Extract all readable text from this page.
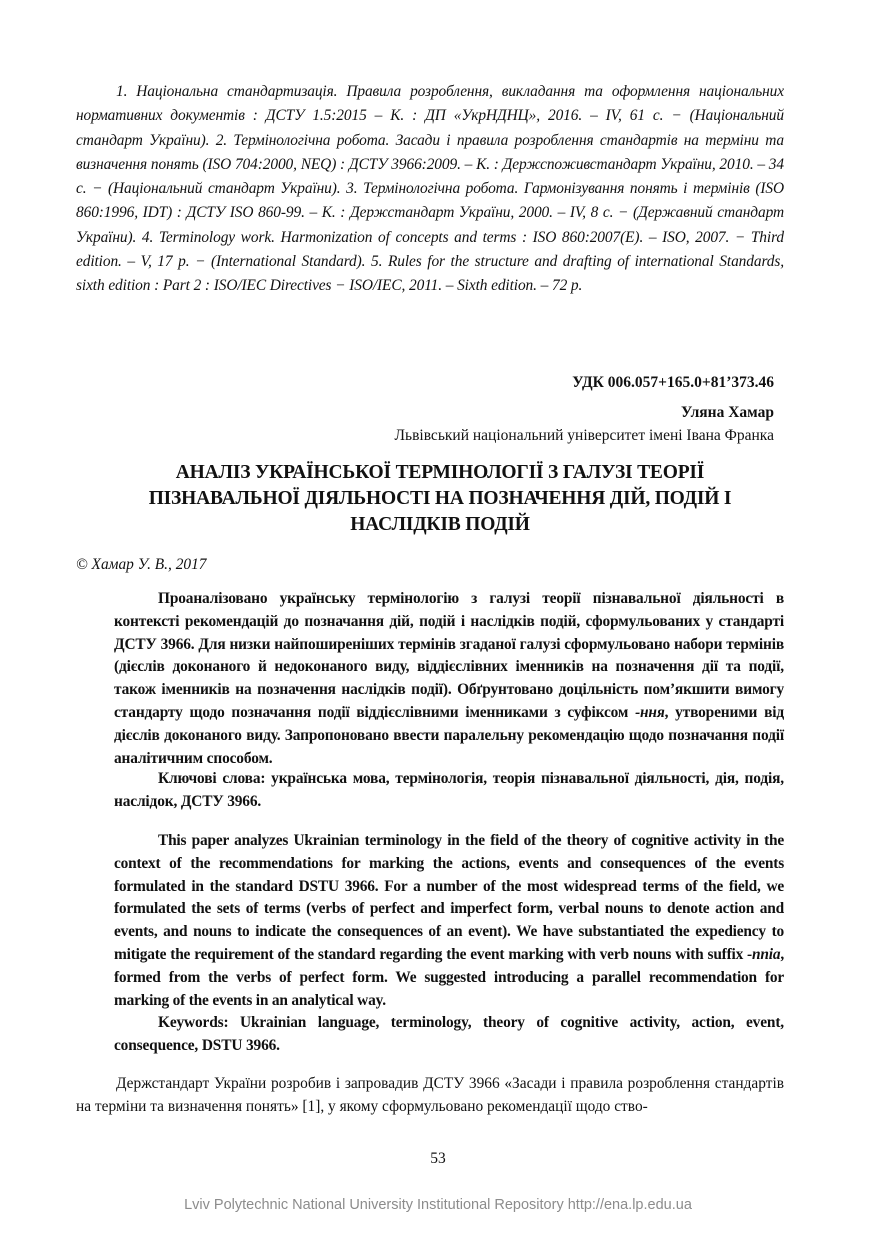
1. Національна стандартизація. Правила розроблення, викладання та оформлення національних нормативних документів : ДСТУ 1.5:2015 – К. : ДП «УкрНДНЦ», 2016. – IV, 61 с. − (Національний стандарт України). 2. Термінологічна робота. Засади і правила розроблення стандартів на терміни та визначення понять (ISO 704:2000, NEQ) : ДСТУ 3966:2009. – К. : Держспоживстандарт України, 2010. – 34 с. − (Національний стандарт України). 3. Термінологічна робота. Гармонізування понять і термінів (ISO 860:1996, IDT) : ДСТУ ISO 860-99. – К. : Держстандарт України, 2000. – IV, 8 с. − (Державний стандарт України). 4. Terminology work. Harmonization of concepts and terms : ISO 860:2007(E). – ISO, 2007. − Third edition. – V, 17 p. − (International Standard). 5. Rules for the structure and drafting of international Standards, sixth edition : Part 2 : ISO/IEC Directives − ISO/IEC, 2011. – Sixth edition. – 72 p.
УДК 006.057+165.0+81’373.46
Уляна Хамар
Львівський національний університет імені Івана Франка
АНАЛІЗ УКРАЇНСЬКОЇ ТЕРМІНОЛОГІЇ З ГАЛУЗІ ТЕОРІЇ
ПІЗНАВАЛЬНОЇ ДІЯЛЬНОСТІ НА ПОЗНАЧЕННЯ ДІЙ, ПОДІЙ І
НАСЛІДКІВ ПОДІЙ
© Хамар У. В., 2017

Проаналізовано українську термінологію з галузі теорії пізнавальної діяльності в контексті рекомендацій до позначання дій, подій і наслідків подій, сформульованих у стандарті ДСТУ 3966. Для низки найпоширеніших термінів згаданої галузі сформульовано набори термінів (дієслів доконаного й недоконаного виду, віддієслівних іменників на позначення дії та події, також іменників на позначення наслідків події). Обґрунтовано доцільність пом’якшити вимогу стандарту щодо позначання події віддієслівними іменниками з суфіксом -ння, утвореними від дієслів доконаного виду. Запропоновано ввести паралельну рекомендацію щодо позначання події аналітичним способом.

Ключові слова: українська мова, термінологія, теорія пізнавальної діяльності, дія, подія, наслідок, ДСТУ 3966.

This paper analyzes Ukrainian terminology in the field of the theory of cognitive activity in the context of the recommendations for marking the actions, events and consequences of the events formulated in the standard DSTU 3966. For a number of the most widespread terms of the field, we formulated the sets of terms (verbs of perfect and imperfect form, verbal nouns to denote action and events, and nouns to indicate the consequences of an event). We have substantiated the expediency to mitigate the requirement of the standard regarding the event marking with verb nouns with suffix -nnia, formed from the verbs of perfect form. We suggested introducing a parallel recommendation for marking of the events in an analytical way.

Keywords: Ukrainian language, terminology, theory of cognitive activity, action, event, consequence, DSTU 3966.

Держстандарт України розробив і запровадив ДСТУ 3966 «Засади і правила розроблення стандартів на терміни та визначення понять» [1], у якому сформульовано рекомендації щодо ство-
53
Lviv Polytechnic National University Institutional Repository http://ena.lp.edu.ua
